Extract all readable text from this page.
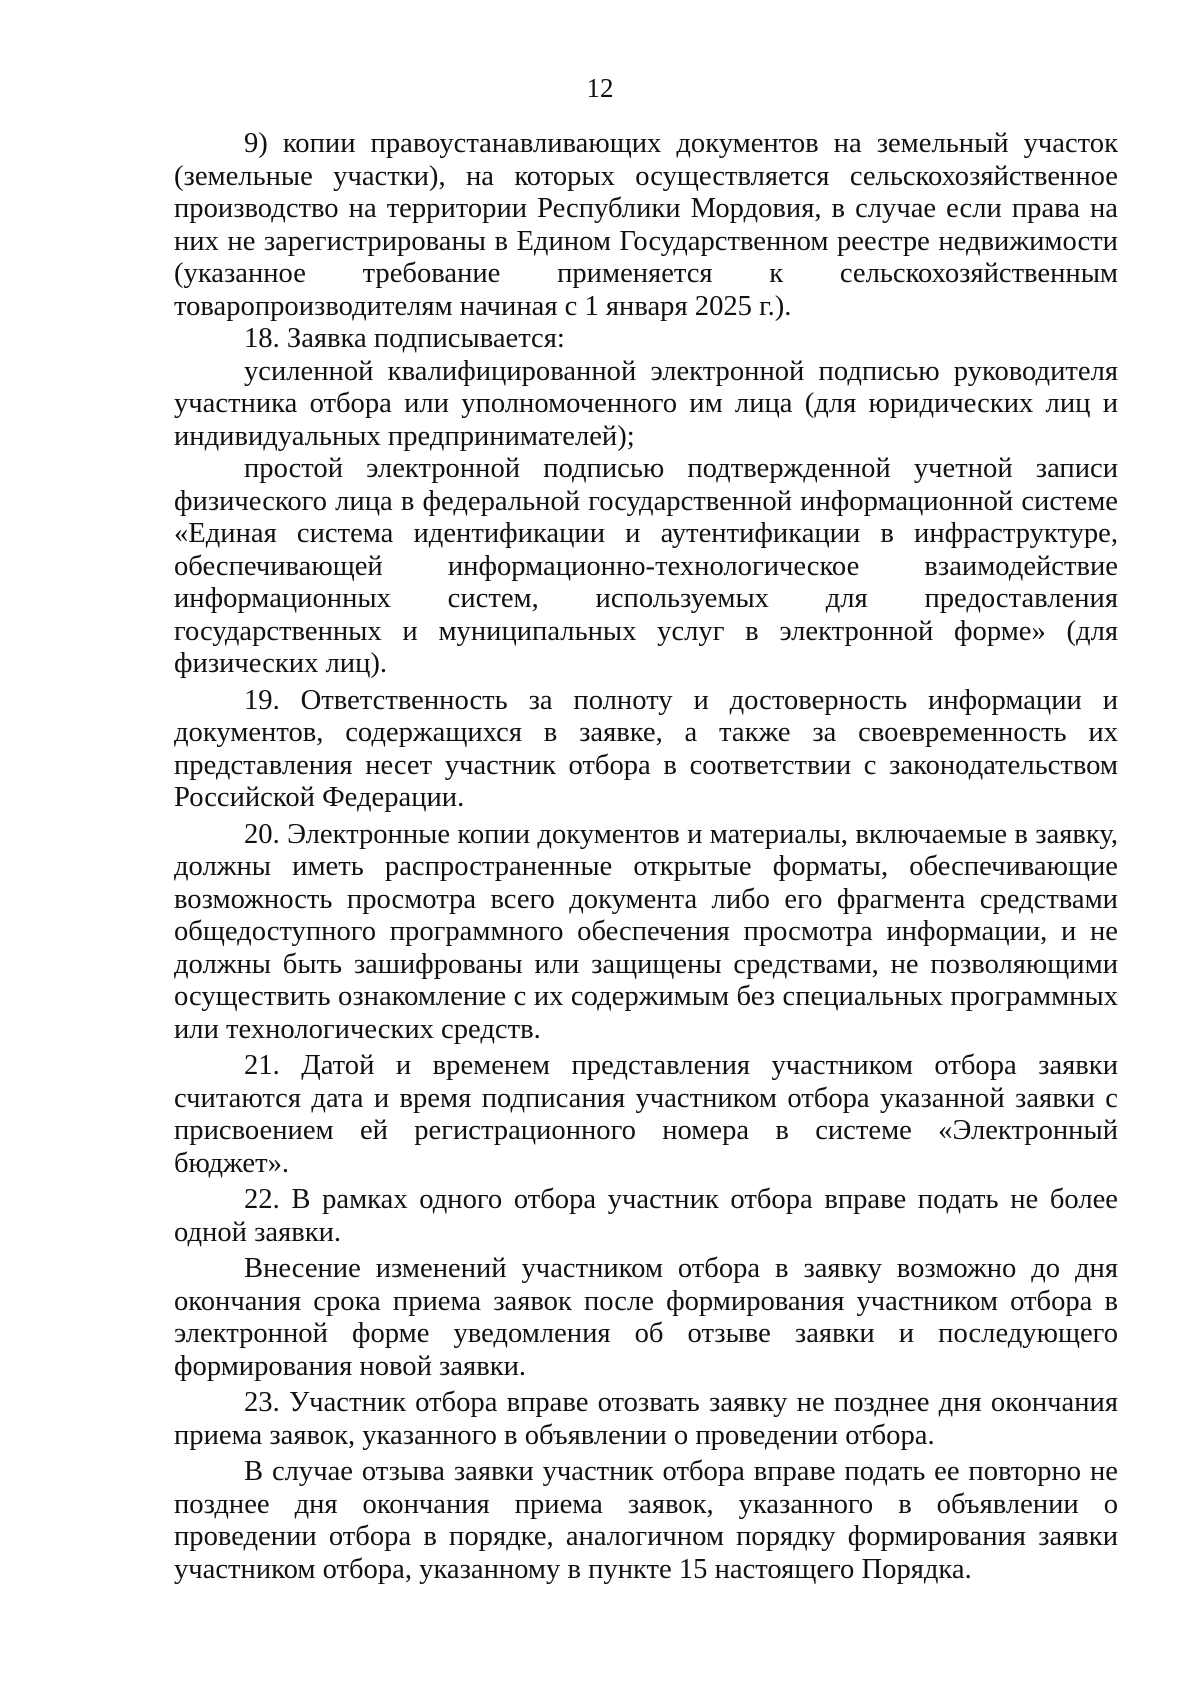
12

9) копии правоустанавливающих документов на земельный участок (земельные участки), на которых осуществляется сельскохозяйственное производство на территории Республики Мордовия, в случае если права на них не зарегистрированы в Едином Государственном реестре недвижимости (указанное требование применяется к сельскохозяйственным товаропроизводителям начиная с 1 января 2025 г.).

18. Заявка подписывается:

усиленной квалифицированной электронной подписью руководителя участника отбора или уполномоченного им лица (для юридических лиц и индивидуальных предпринимателей);

простой электронной подписью подтвержденной учетной записи физического лица в федеральной государственной информационной системе «Единая система идентификации и аутентификации в инфраструктуре, обеспечивающей информационно-технологическое взаимодействие информационных систем, используемых для предоставления государственных и муниципальных услуг в электронной форме» (для физических лиц).

19. Ответственность за полноту и достоверность информации и документов, содержащихся в заявке, а также за своевременность их представления несет участник отбора в соответствии с законодательством Российской Федерации.

20. Электронные копии документов и материалы, включаемые в заявку, должны иметь распространенные открытые форматы, обеспечивающие возможность просмотра всего документа либо его фрагмента средствами общедоступного программного обеспечения просмотра информации, и не должны быть зашифрованы или защищены средствами, не позволяющими осуществить ознакомление с их содержимым без специальных программных или технологических средств.

21. Датой и временем представления участником отбора заявки считаются дата и время подписания участником отбора указанной заявки с присвоением ей регистрационного номера в системе «Электронный бюджет».

22. В рамках одного отбора участник отбора вправе подать не более одной заявки.

Внесение изменений участником отбора в заявку возможно до дня окончания срока приема заявок после формирования участником отбора в электронной форме уведомления об отзыве заявки и последующего формирования новой заявки.

23. Участник отбора вправе отозвать заявку не позднее дня окончания приема заявок, указанного в объявлении о проведении отбора.

В случае отзыва заявки участник отбора вправе подать ее повторно не позднее дня окончания приема заявок, указанного в объявлении о проведении отбора в порядке, аналогичном порядку формирования заявки участником отбора, указанному в пункте 15 настоящего Порядка.
